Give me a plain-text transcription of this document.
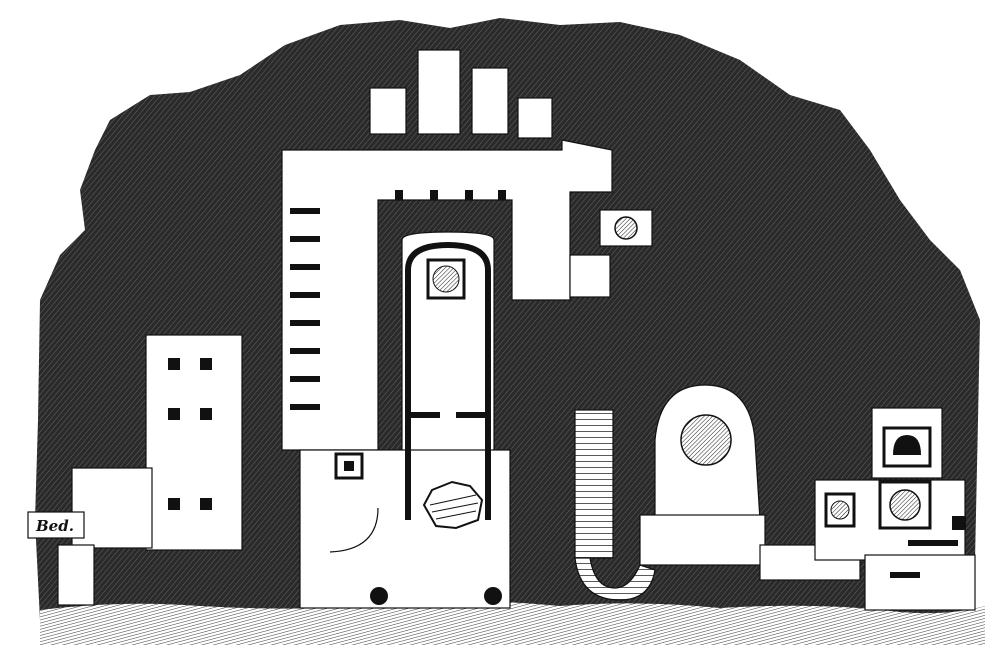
Bed.
